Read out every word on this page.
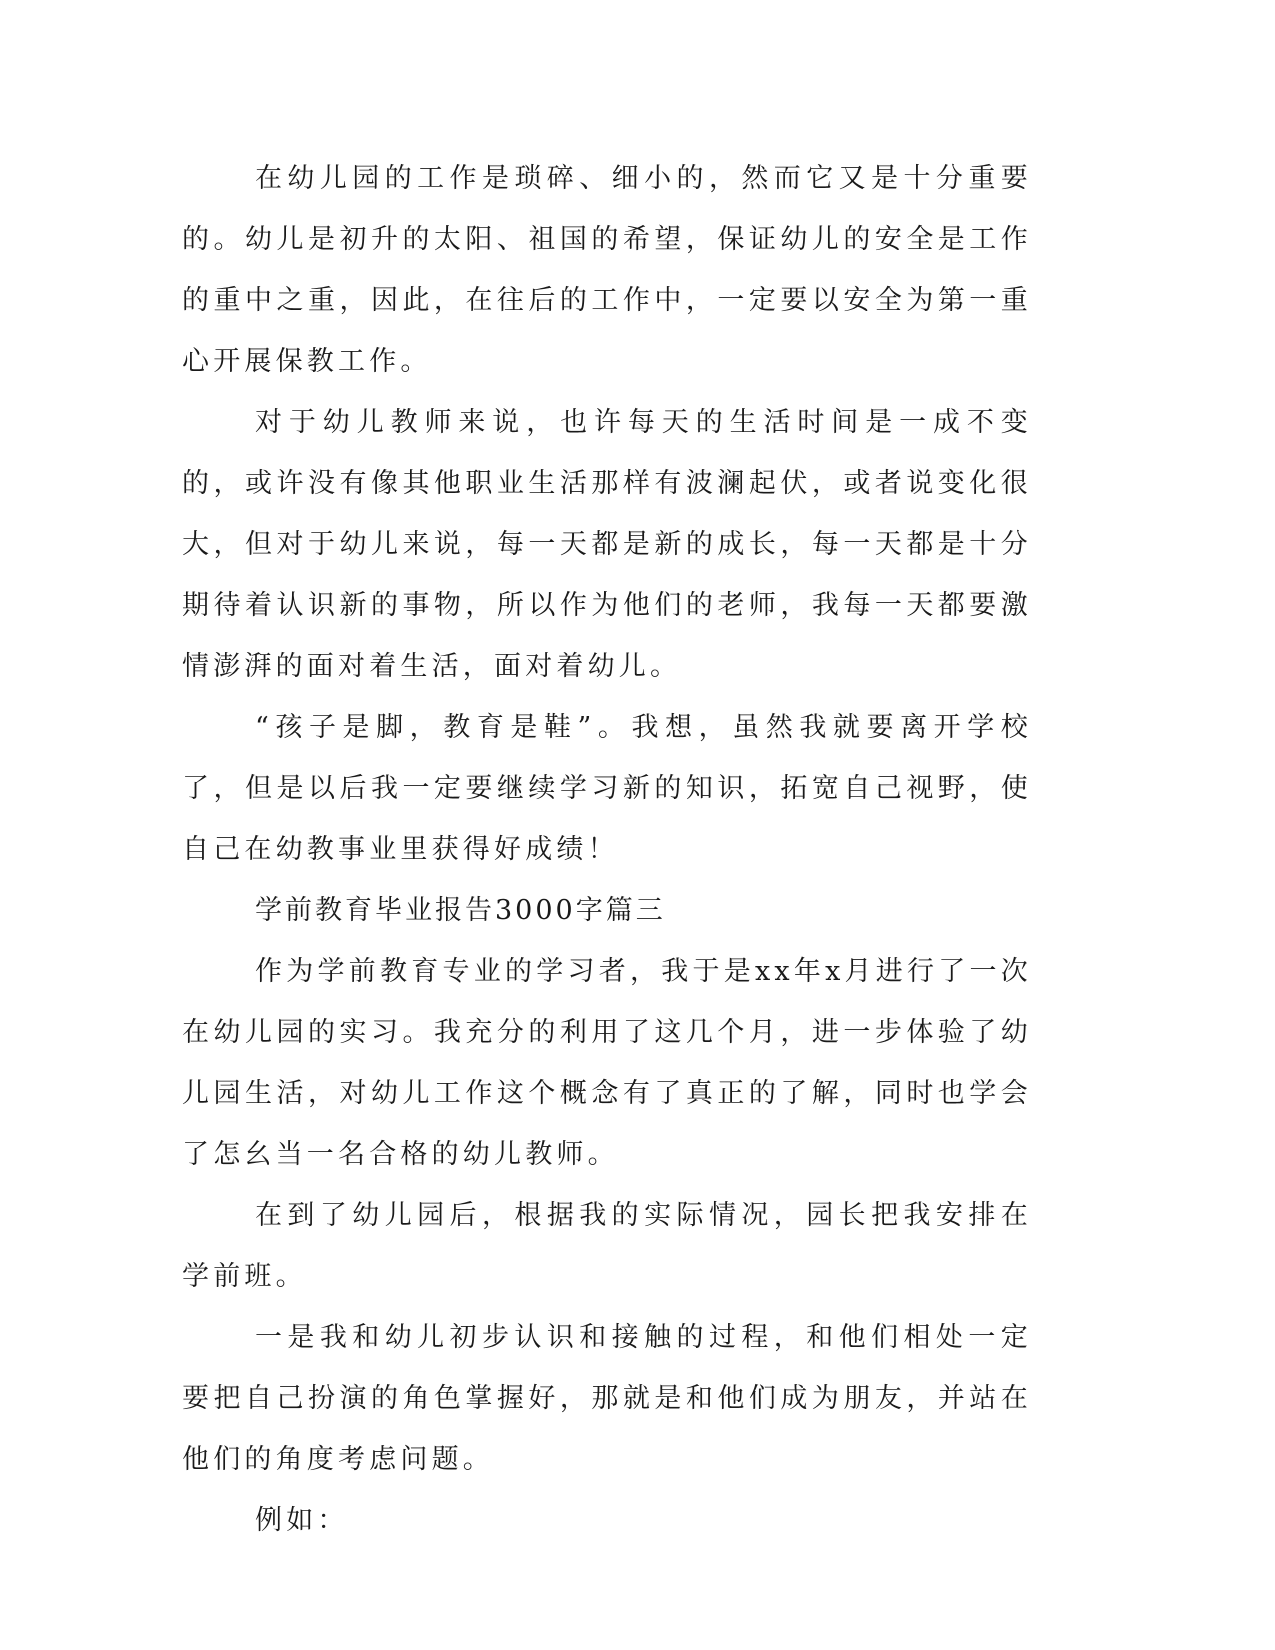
在幼儿园的工作是琐碎、细小的，然而它又是十分重要的。幼儿是初升的太阳、祖国的希望，保证幼儿的安全是工作的重中之重，因此，在往后的工作中，一定要以安全为第一重心开展保教工作。

对于幼儿教师来说，也许每天的生活时间是一成不变的，或许没有像其他职业生活那样有波澜起伏，或者说变化很大，但对于幼儿来说，每一天都是新的成长，每一天都是十分期待着认识新的事物，所以作为他们的老师，我每一天都要激情澎湃的面对着生活，面对着幼儿。

“孩子是脚，教育是鞋”。我想，虽然我就要离开学校了，但是以后我一定要继续学习新的知识，拓宽自己视野，使自己在幼教事业里获得好成绩！

学前教育毕业报告3000字篇三

作为学前教育专业的学习者，我于是xx年x月进行了一次在幼儿园的实习。我充分的利用了这几个月，进一步体验了幼儿园生活，对幼儿工作这个概念有了真正的了解，同时也学会了怎幺当一名合格的幼儿教师。

在到了幼儿园后，根据我的实际情况，园长把我安排在学前班。

一是我和幼儿初步认识和接触的过程，和他们相处一定要把自己扮演的角色掌握好，那就是和他们成为朋友，并站在他们的角度考虑问题。

例如：
